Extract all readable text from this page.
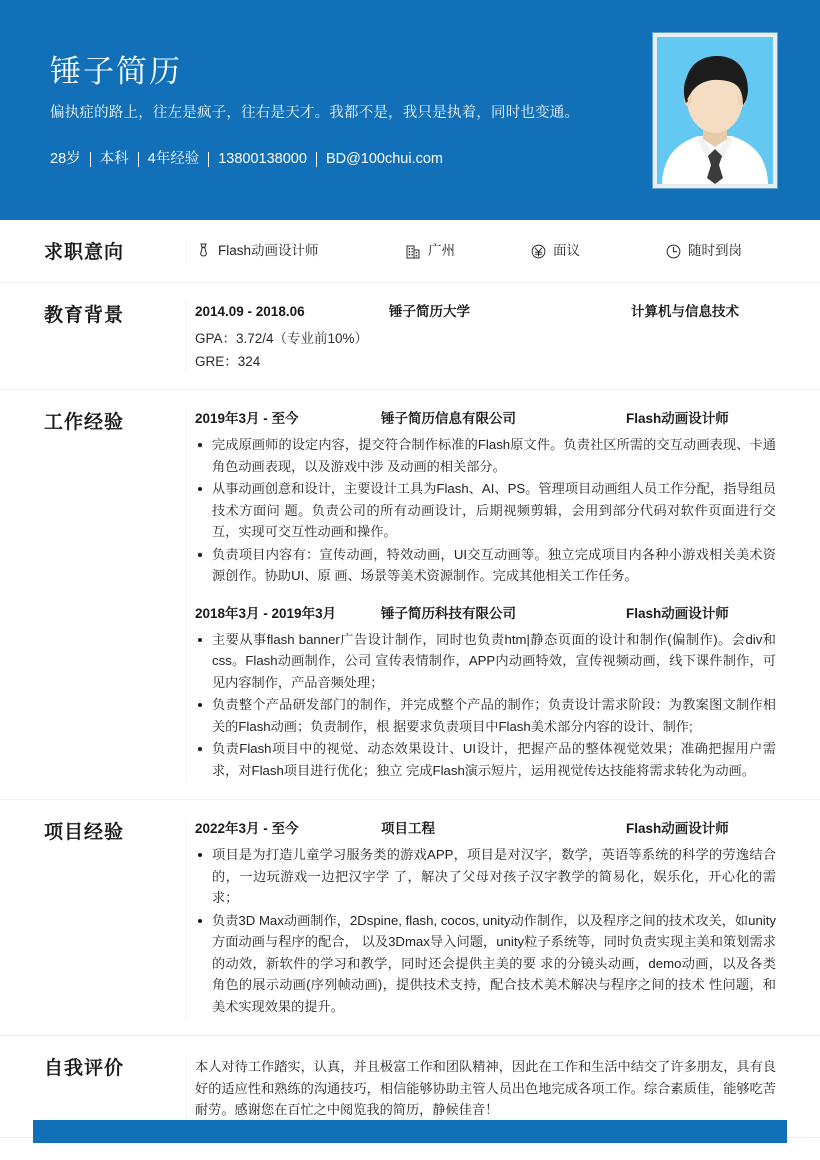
锤子简历
偏执症的路上，往左是疯子，往右是天才。我都不是，我只是执着，同时也变通。
28岁 本科 4年经验 13800138000 BD@100chui.com
求职意向	Flash动画设计师	广州	面议	随时到岗
教育背景	2014.09 - 2018.06	锤子简历大学	计算机与信息技术
GPA：3.72/4（专业前10%）
GRE：324
工作经验	2019年3月 - 至今	锤子简历信息有限公司	Flash动画设计师
完成原画师的设定内容，提交符合制作标准的Flash原文件。负责社区所需的交互动画表现、卡通角色动画表现，以及游戏中涉 及动画的相关部分。
从事动画创意和设计，主要设计工具为Flash、AI、PS。管理项目动画组人员工作分配，指导组员技术方面问 题。负责公司的所有动画设计，后期视频剪辑，会用到部分代码对软件页面进行交互，实现可交互性动画和操作。
负责项目内容有：宣传动画，特效动画，UI交互动画等。独立完成项目内各种小游戏相关美术资源创作。协助UI、原 画、场景等美术资源制作。完成其他相关工作任务。
2018年3月 - 2019年3月	锤子简历科技有限公司	Flash动画设计师
主要从事flash banner广告设计制作，同时也负责htm|静态页面的设计和制作(偏制作)。会div和css。Flash动画制作，公司 宣传表情制作，APP内动画特效，宣传视频动画，线下课件制作，可见内容制作，产品音频处理；
负责整个产品研发部门的制作，并完成整个产品的制作；负责设计需求阶段：为教案图文制作相关的Flash动画；负责制作，根 据要求负责项目中Flash美术部分内容的设计、制作;
负责Flash项目中的视觉、动态效果设计、UI设计，把握产品的整体视觉效果；准确把握用户需求，对Flash项目进行优化；独立 完成Flash演示短片，运用视觉传达技能将需求转化为动画。
项目经验	2022年3月 - 至今	项目工程	Flash动画设计师
项目是为打造儿童学习服务类的游戏APP，项目是对汉字，数学，英语等系统的科学的劳逸结合的，一边玩游戏一边把汉字学 了，解决了父母对孩子汉字教学的简易化，娱乐化，开心化的需求；
负责3D Max动画制作，2Dspine, flash, cocos, unity动作制作，以及程序之间的技术攻关，如unity方面动画与程序的配合， 以及3Dmax导入问题，unity粒子系统等，同时负责实现主美和策划需求的动效，新软件的学习和教学，同时还会提供主美的要 求的分镜头动画，demo动画，以及各类角色的展示动画(序列帧动画)，提供技术支持，配合技术美术解决与程序之间的技术 性问题，和美术实现效果的提升。
自我评价	本人对待工作踏实，认真，并且极富工作和团队精神，因此在工作和生活中结交了许多朋友，具有良好的适应性和熟练的沟通技巧，相信能够协助主管人员出色地完成各项工作。综合素质佳，能够吃苦耐劳。感谢您在百忙之中阅览我的简历，静候佳音！
